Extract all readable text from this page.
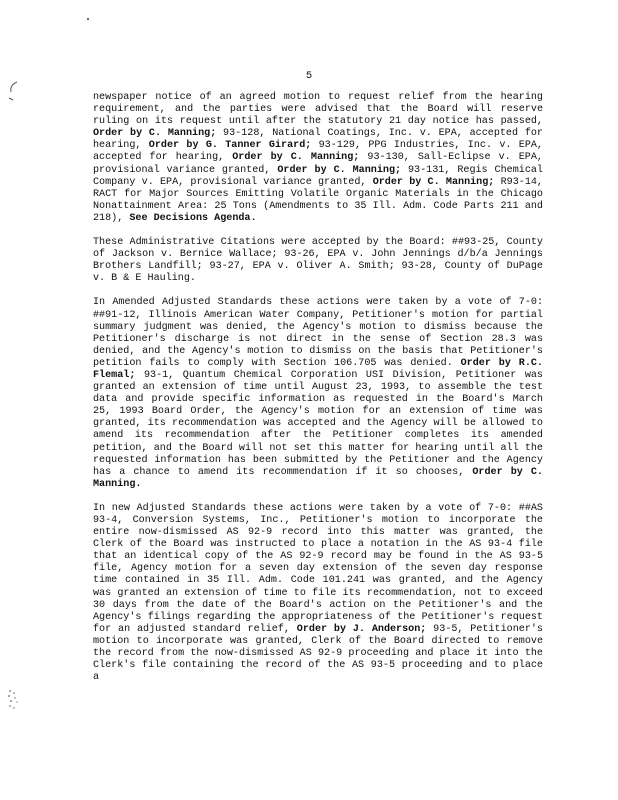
5

newspaper notice of an agreed motion to request relief from the hearing requirement, and the parties were advised that the Board will reserve ruling on its request until after the statutory 21 day notice has passed, Order by C. Manning; 93-128, National Coatings, Inc. v. EPA, accepted for hearing, Order by G. Tanner Girard; 93-129, PPG Industries, Inc. v. EPA, accepted for hearing, Order by C. Manning; 93-130, Sall-Eclipse v. EPA, provisional variance granted, Order by C. Manning; 93-131, Regis Chemical Company v. EPA, provisional variance granted, Order by C. Manning; R93-14, RACT for Major Sources Emitting Volatile Organic Materials in the Chicago Nonattainment Area: 25 Tons (Amendments to 35 Ill. Adm. Code Parts 211 and 218), See Decisions Agenda.

These Administrative Citations were accepted by the Board: ##93-25, County of Jackson v. Bernice Wallace; 93-26, EPA v. John Jennings d/b/a Jennings Brothers Landfill; 93-27, EPA v. Oliver A. Smith; 93-28, County of DuPage v. B & E Hauling.

In Amended Adjusted Standards these actions were taken by a vote of 7-0: ##91-12, Illinois American Water Company, Petitioner's motion for partial summary judgment was denied, the Agency's motion to dismiss because the Petitioner's discharge is not direct in the sense of Section 28.3 was denied, and the Agency's motion to dismiss on the basis that Petitioner's petition fails to comply with Section 106.705 was denied. Order by R.C. Flemal; 93-1, Quantum Chemical Corporation USI Division, Petitioner was granted an extension of time until August 23, 1993, to assemble the test data and provide specific information as requested in the Board's March 25, 1993 Board Order, the Agency's motion for an extension of time was granted, its recommendation was accepted and the Agency will be allowed to amend its recommendation after the Petitioner completes its amended petition, and the Board will not set this matter for hearing until all the requested information has been submitted by the Petitioner and the Agency has a chance to amend its recommendation if it so chooses, Order by C. Manning.

In new Adjusted Standards these actions were taken by a vote of 7-0: ##AS 93-4, Conversion Systems, Inc., Petitioner's motion to incorporate the entire now-dismissed AS 92-9 record into this matter was granted, the Clerk of the Board was instructed to place a notation in the AS 93-4 file that an identical copy of the AS 92-9 record may be found in the AS 93-5 file, Agency motion for a seven day extension of the seven day response time contained in 35 Ill. Adm. Code 101.241 was granted, and the Agency was granted an extension of time to file its recommendation, not to exceed 30 days from the date of the Board's action on the Petitioner's and the Agency's filings regarding the appropriateness of the Petitioner's request for an adjusted standard relief, Order by J. Anderson; 93-5, Petitioner's motion to incorporate was granted, Clerk of the Board directed to remove the record from the now-dismissed AS 92-9 proceeding and place it into the Clerk's file containing the record of the AS 93-5 proceeding and to place a
